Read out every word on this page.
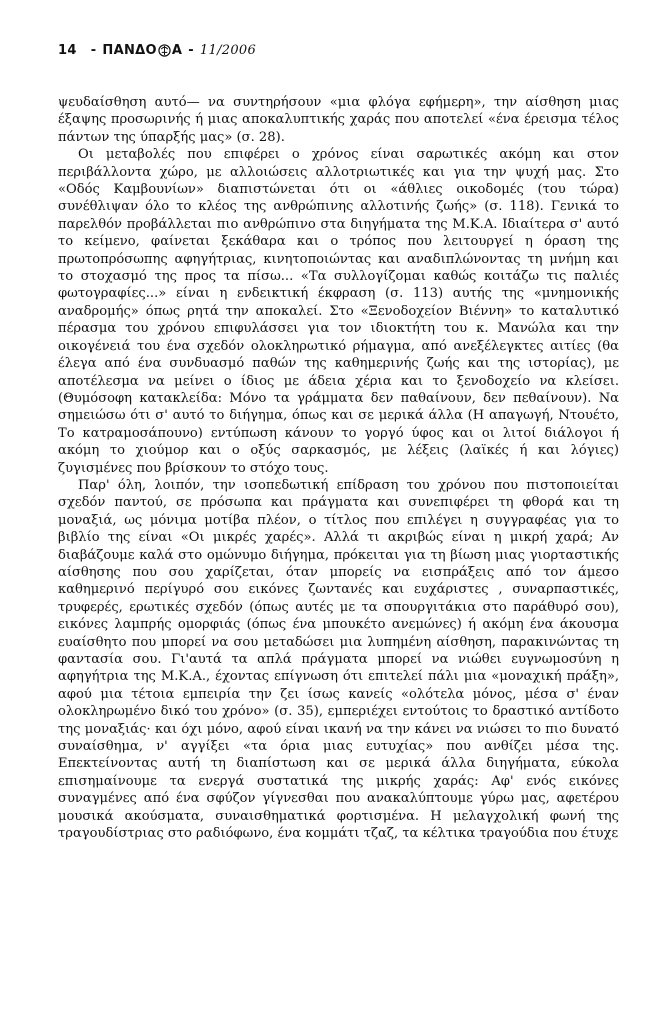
14 - ΠΑΝΔΟ Α - 11/2006

ψευδαίσθηση αυτό— να συντηρήσουν «μια φλόγα εφήμερη», την αίσθηση μιας έξαψης προσωρινής ή μιας αποκαλυπτικής χαράς που αποτελεί «ένα έρεισμα τέλος πάντων της ύπαρξής μας» (σ. 28).

Οι μεταβολές που επιφέρει ο χρόνος είναι σαρωτικές ακόμη και στον περιβάλλοντα χώρο, με αλλοιώσεις αλλοτριωτικές και για την ψυχή μας. Στο «Οδός Καμβουνίων» διαπιστώνεται ότι οι «άθλιες οικοδομές (του τώρα) συνέθλιψαν όλο το κλέος της ανθρώπινης αλλοτινής ζωής» (σ. 118). Γενικά το παρελθόν προβάλλεται πιο ανθρώπινο στα διηγήματα της Μ.Κ.Α. Ιδιαίτερα σ' αυτό το κείμενο, φαίνεται ξεκάθαρα και ο τρόπος που λειτουργεί η όραση της πρωτοπρόσωπης αφηγήτριας, κινητοποιώντας και αναδιπλώνοντας τη μνήμη και το στοχασμό της προς τα πίσω... «Τα συλλογίζομαι καθώς κοιτάζω τις παλιές φωτογραφίες...» είναι η ενδεικτική έκφραση (σ. 113) αυτής της «μνημονικής αναδρομής» όπως ρητά την αποκαλεί. Στο «Ξενοδοχείον Βιέννη» το καταλυτικό πέρασμα του χρόνου επιφυλάσσει για τον ιδιοκτήτη του κ. Μανώλα και την οικογένειά του ένα σχεδόν ολοκληρωτικό ρήμαγμα, από ανεξέλεγκτες αιτίες (θα έλεγα από ένα συνδυασμό παθών της καθημερινής ζωής και της ιστορίας), με αποτέλεσμα να μείνει ο ίδιος με άδεια χέρια και το ξενοδοχείο να κλείσει. (Θυμόσοφη κατακλείδα: Μόνο τα γράμματα δεν παθαίνουν, δεν πεθαίνουν). Να σημειώσω ότι σ' αυτό το διήγημα, όπως και σε μερικά άλλα (Η απαγωγή, Ντουέτο, Το κατραμοσάπουνο) εντύπωση κάνουν το γοργό ύφος και οι λιτοί διάλογοι ή ακόμη το χιούμορ και ο οξύς σαρκασμός, με λέξεις (λαϊκές ή και λόγιες) ζυγισμένες που βρίσκουν το στόχο τους.

Παρ' όλη, λοιπόν, την ισοπεδωτική επίδραση του χρόνου που πιστοποιείται σχεδόν παντού, σε πρόσωπα και πράγματα και συνεπιφέρει τη φθορά και τη μοναξιά, ως μόνιμα μοτίβα πλέον, ο τίτλος που επιλέγει η συγγραφέας για το βιβλίο της είναι «Οι μικρές χαρές». Αλλά τι ακριβώς είναι η μικρή χαρά; Αν διαβάζουμε καλά στο ομώνυμο διήγημα, πρόκειται για τη βίωση μιας γιορταστικής αίσθησης που σου χαρίζεται, όταν μπορείς να εισπράξεις από τον άμεσο καθημερινό περίγυρό σου εικόνες ζωντανές και ευχάριστες , συναρπαστικές, τρυφερές, ερωτικές σχεδόν (όπως αυτές με τα σπουργιτάκια στο παράθυρό σου), εικόνες λαμπρής ομορφιάς (όπως ένα μπουκέτο ανεμώνες) ή ακόμη ένα άκουσμα ευαίσθητο που μπορεί να σου μεταδώσει μια λυπημένη αίσθηση, παρακινώντας τη φαντασία σου. Γι'αυτά τα απλά πράγματα μπορεί να νιώθει ευγνωμοσύνη η αφηγήτρια της Μ.Κ.Α., έχοντας επίγνωση ότι επιτελεί πάλι μια «μοναχική πράξη», αφού μια τέτοια εμπειρία την ζει ίσως κανείς «ολότελα μόνος, μέσα σ' έναν ολοκληρωμένο δικό του χρόνο» (σ. 35), εμπεριέχει εντούτοις το δραστικό αντίδοτο της μοναξιάς· και όχι μόνο, αφού είναι ικανή να την κάνει να νιώσει το πιο δυνατό συναίσθημα, ν' αγγίξει «τα όρια μιας ευτυχίας» που ανθίζει μέσα της. Επεκτείνοντας αυτή τη διαπίστωση και σε μερικά άλλα διηγήματα, εύκολα επισημαίνουμε τα ενεργά συστατικά της μικρής χαράς: Αφ' ενός εικόνες συναγμένες από ένα σφύζον γίγνεσθαι που ανακαλύπτουμε γύρω μας, αφετέρου μουσικά ακούσματα, συναισθηματικά φορτισμένα. Η μελαγχολική φωνή της τραγουδίστριας στο ραδιόφωνο, ένα κομμάτι τζαζ, τα κέλτικα τραγούδια που έτυχε
